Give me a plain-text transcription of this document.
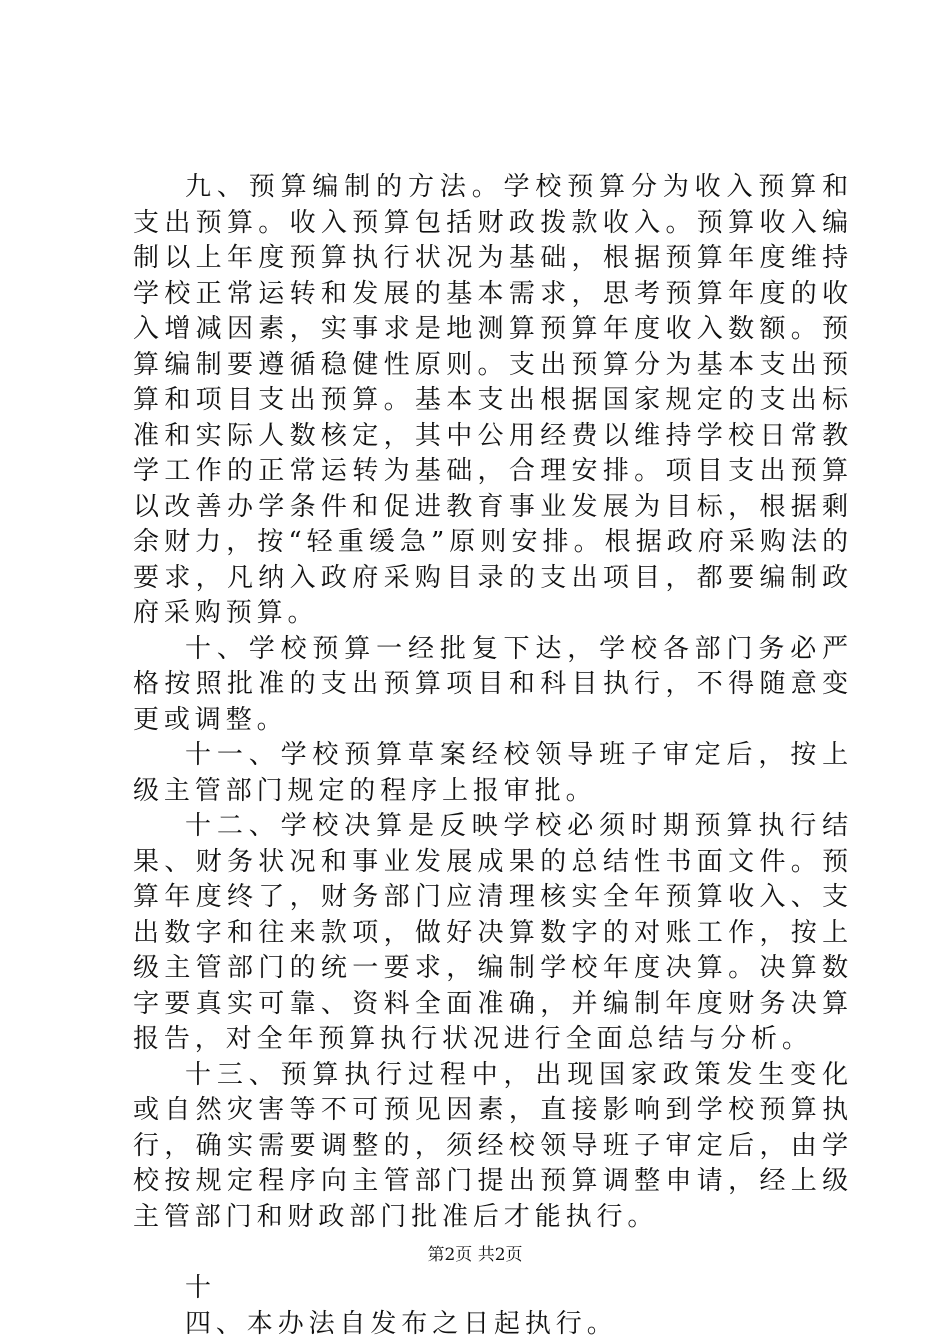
九、预算编制的方法。学校预算分为收入预算和支出预算。收入预算包括财政拨款收入。预算收入编制以上年度预算执行状况为基础，根据预算年度维持学校正常运转和发展的基本需求，思考预算年度的收入增减因素，实事求是地测算预算年度收入数额。预算编制要遵循稳健性原则。支出预算分为基本支出预算和项目支出预算。基本支出根据国家规定的支出标准和实际人数核定，其中公用经费以维持学校日常教学工作的正常运转为基础，合理安排。项目支出预算以改善办学条件和促进教育事业发展为目标，根据剩余财力，按“轻重缓急”原则安排。根据政府采购法的要求，凡纳入政府采购目录的支出项目，都要编制政府采购预算。

十、学校预算一经批复下达，学校各部门务必严格按照批准的支出预算项目和科目执行，不得随意变更或调整。

十一、学校预算草案经校领导班子审定后，按上级主管部门规定的程序上报审批。

十二、学校决算是反映学校必须时期预算执行结果、财务状况和事业发展成果的总结性书面文件。预算年度终了，财务部门应清理核实全年预算收入、支出数字和往来款项，做好决算数字的对账工作，按上级主管部门的统一要求，编制学校年度决算。决算数字要真实可靠、资料全面准确，并编制年度财务决算报告，对全年预算执行状况进行全面总结与分析。

十三、预算执行过程中，出现国家政策发生变化或自然灾害等不可预见因素，直接影响到学校预算执行，确实需要调整的，须经校领导班子审定后，由学校按规定程序向主管部门提出预算调整申请，经上级主管部门和财政部门批准后才能执行。

十

四、本办法自发布之日起执行。

第2页 共2页
